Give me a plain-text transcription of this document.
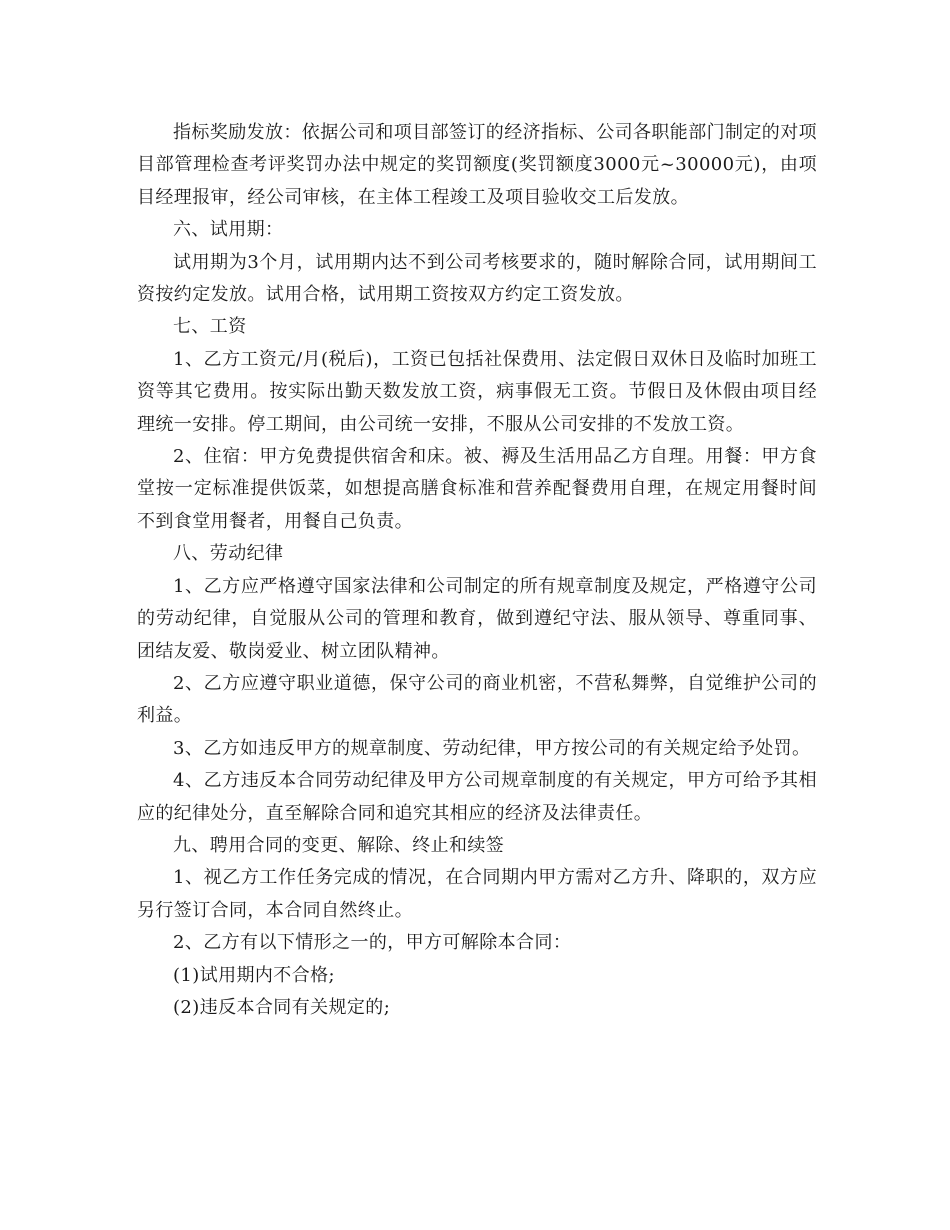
指标奖励发放：依据公司和项目部签订的经济指标、公司各职能部门制定的对项目部管理检查考评奖罚办法中规定的奖罚额度(奖罚额度3000元~30000元)，由项目经理报审，经公司审核，在主体工程竣工及项目验收交工后发放。

六、试用期：

试用期为3个月，试用期内达不到公司考核要求的，随时解除合同，试用期间工资按约定发放。试用合格，试用期工资按双方约定工资发放。

七、工资

1、乙方工资元/月(税后)，工资已包括社保费用、法定假日双休日及临时加班工资等其它费用。按实际出勤天数发放工资，病事假无工资。节假日及休假由项目经理统一安排。停工期间，由公司统一安排，不服从公司安排的不发放工资。

2、住宿：甲方免费提供宿舍和床。被、褥及生活用品乙方自理。用餐：甲方食堂按一定标准提供饭菜，如想提高膳食标准和营养配餐费用自理，在规定用餐时间不到食堂用餐者，用餐自己负责。

八、劳动纪律

1、乙方应严格遵守国家法律和公司制定的所有规章制度及规定，严格遵守公司的劳动纪律，自觉服从公司的管理和教育，做到遵纪守法、服从领导、尊重同事、团结友爱、敬岗爱业、树立团队精神。

2、乙方应遵守职业道德，保守公司的商业机密，不营私舞弊，自觉维护公司的利益。

3、乙方如违反甲方的规章制度、劳动纪律，甲方按公司的有关规定给予处罚。

4、乙方违反本合同劳动纪律及甲方公司规章制度的有关规定，甲方可给予其相应的纪律处分，直至解除合同和追究其相应的经济及法律责任。

九、聘用合同的变更、解除、终止和续签

1、视乙方工作任务完成的情况，在合同期内甲方需对乙方升、降职的，双方应另行签订合同，本合同自然终止。

2、乙方有以下情形之一的，甲方可解除本合同：

(1)试用期内不合格;

(2)违反本合同有关规定的;
